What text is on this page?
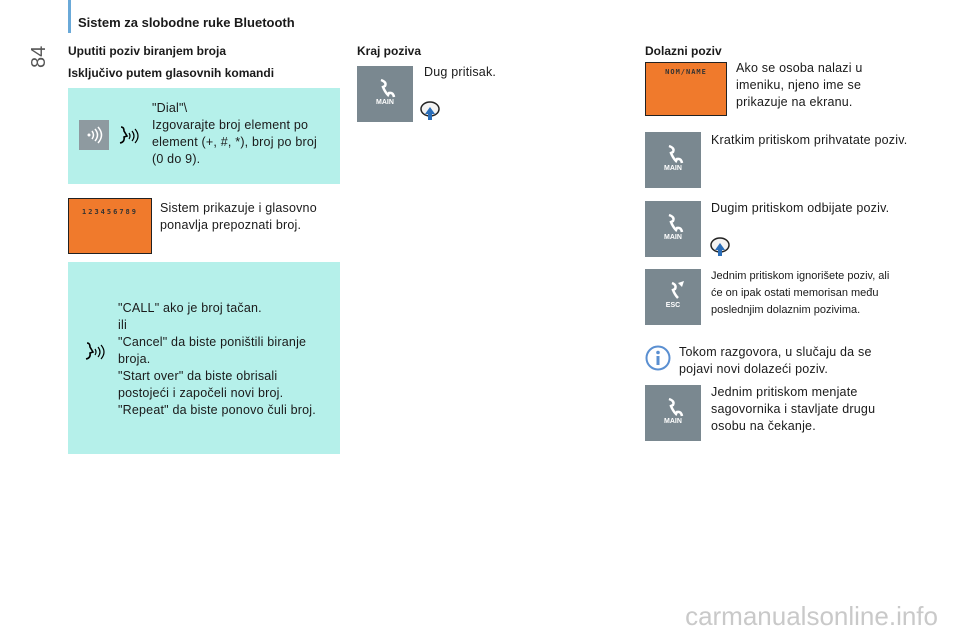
Sistem za slobodne ruke Bluetooth
84 Uputiti poziv biranjem broja
Isključivo putem glasovnih komandi
"Dial"\
Izgovarajte broj element po
element (+, #, *), broj po broj
(0 do 9).
123456789	Sistem prikazuje i glasovno
ponavlja prepoznati broj.
"CALL" ako je broj tačan.
ili
"Cancel" da biste poništili biranje
broja.
"Start over" da biste obrisali
postojeći i započeli novi broj.
"Repeat" da biste ponovo čuli broj.
Kraj poziva
MAIN
Dug pritisak.
Dolazni poziv
NOM/NAME	Ako se osoba nalazi u
imeniku, njeno ime se
prikazuje na ekranu.
MAIN
Kratkim pritiskom prihvatate poziv.
MAIN
Dugim pritiskom odbijate poziv.
ESC
Jednim pritiskom ignorišete poziv, ali
će on ipak ostati memorisan među
poslednjim dolaznim pozivima.
Tokom razgovora, u slučaju da se
pojavi novi dolazeći poziv.
MAIN
Jednim pritiskom menjate
sagovornika i stavljate drugu
osobu na čekanje.
carmanualsonline.info
